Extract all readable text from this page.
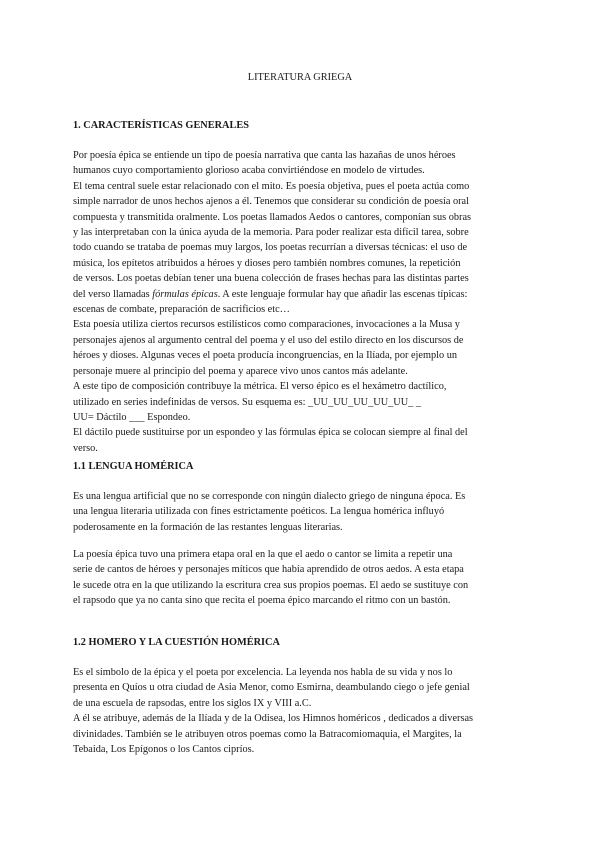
LITERATURA GRIEGA
1. CARACTERÍSTICAS GENERALES
Por poesía épica se entiende un tipo de poesía narrativa que canta las hazañas de unos héroes
humanos cuyo comportamiento glorioso acaba convirtiéndose en modelo de virtudes.
El tema central suele estar relacionado con el mito. Es poesía objetiva, pues el poeta actúa como
simple narrador de unos hechos ajenos a él. Tenemos que considerar su condición de poesía oral
compuesta y transmitida oralmente. Los poetas llamados Aedos o cantores, componían sus obras
y las interpretaban con la única ayuda de la memoria. Para poder realizar esta difícil tarea, sobre
todo cuando se trataba de poemas muy largos, los poetas recurrían a diversas técnicas: el uso de
música, los epítetos atribuidos a héroes y dioses pero también nombres comunes, la repetición
de versos. Los poetas debían tener una buena colección de frases hechas para las distintas partes
del verso llamadas fórmulas épicas. A este lenguaje formular hay que añadir las escenas típicas:
escenas de combate, preparación de sacrificios etc…
Esta poesía utiliza ciertos recursos estilísticos como comparaciones, invocaciones a la Musa y
personajes ajenos al argumento central del poema y el uso del estilo directo en los discursos de
héroes y dioses. Algunas veces el poeta producía incongruencias, en la Ilíada, por ejemplo un
personaje muere al principio del poema y aparece vivo unos cantos más adelante.
A este tipo de composición contribuye la métrica. El verso épico es el hexámetro dactílico,
utilizado en series indefinidas de versos. Su esquema es: _UU_UU_UU_UU_UU_ _
UU= Dáctilo ___ Espondeo.
El dáctilo puede sustituirse por un espondeo y las fórmulas épica se colocan siempre al final del
verso.
1.1 LENGUA HOMÉRICA
Es una lengua artificial que no se corresponde con ningún dialecto griego de ninguna época. Es
una lengua literaria utilizada con fines estrictamente poéticos. La lengua homérica influyó
poderosamente en la formación de las restantes lenguas literarias.
La poesía épica tuvo una primera etapa oral en la que el aedo o cantor se limita a repetir una
serie de cantos de héroes y personajes míticos que había aprendido de otros aedos. A esta etapa
le sucede otra en la que utilizando la escritura crea sus propios poemas. El aedo se sustituye con
el rapsodo que ya no canta sino que recita el poema épico marcando el ritmo con un bastón.
1.2 HOMERO Y LA CUESTIÓN HOMÉRICA
Es el símbolo de la épica y el poeta por excelencia. La leyenda nos habla de su vida y nos lo
presenta en Quíos u otra ciudad de Asia Menor, como Esmirna, deambulando ciego o jefe genial
de una escuela de rapsodas, entre los siglos IX y VIII a.C.
A él se atribuye, además de la Ilíada y de la Odisea, los Himnos homéricos , dedicados a diversas
divinidades. También se le atribuyen otros poemas como la Batracomiomaquia, el Margites, la
Tebaida, Los Epígonos o los Cantos cipríos.
